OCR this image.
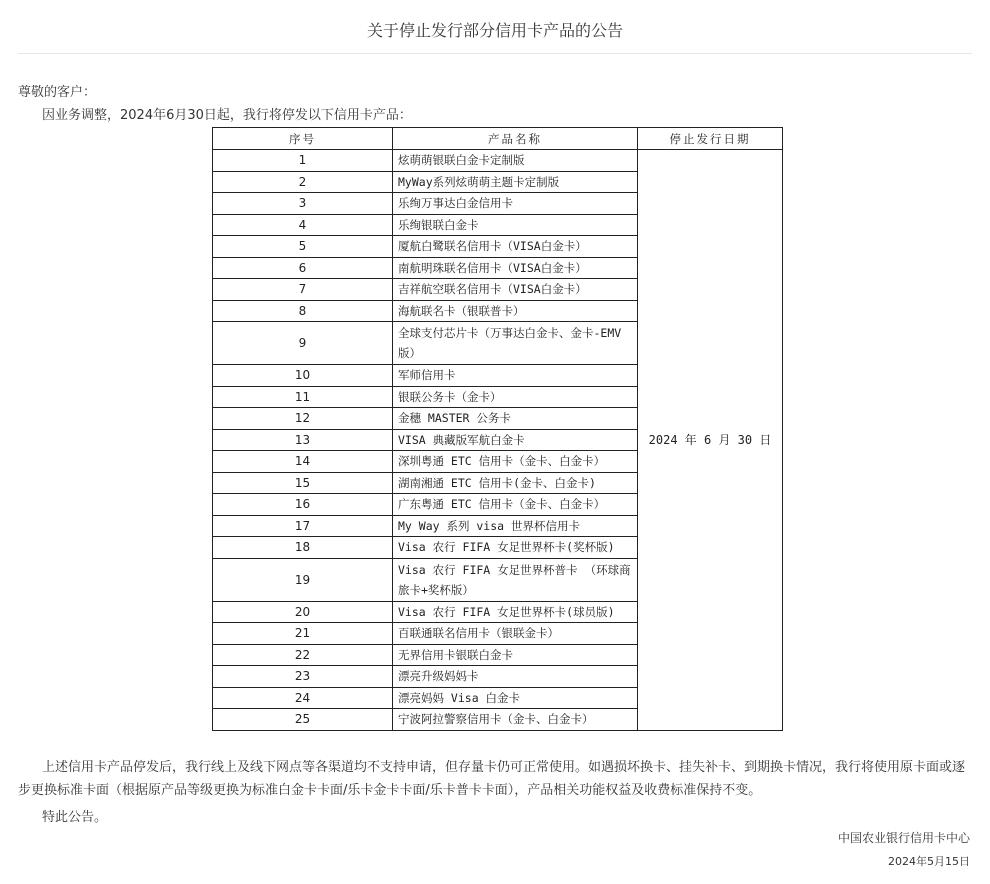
关于停止发行部分信用卡产品的公告
尊敬的客户：
因业务调整，2024年6月30日起，我行将停发以下信用卡产品：
序号	产品名称	停止发行日期
1	炫萌萌银联白金卡定制版	2024 年 6 月 30 日
2	MyWay系列炫萌萌主题卡定制版	
3	乐绚万事达白金信用卡	
4	乐绚银联白金卡	
5	厦航白鹭联名信用卡（VISA白金卡）	
6	南航明珠联名信用卡（VISA白金卡）	
7	吉祥航空联名信用卡（VISA白金卡）	
8	海航联名卡（银联普卡）	
9	全球支付芯片卡（万事达白金卡、金卡-EMV版）	
10	军师信用卡	
11	银联公务卡（金卡）	
12	金穗 MASTER 公务卡	
13	VISA 典藏版军航白金卡	
14	深圳粤通 ETC 信用卡（金卡、白金卡）	
15	湖南湘通 ETC 信用卡(金卡、白金卡)	
16	广东粤通 ETC 信用卡（金卡、白金卡）	
17	My Way 系列 visa 世界杯信用卡	
18	Visa 农行 FIFA 女足世界杯卡(奖杯版)	
19	Visa 农行 FIFA 女足世界杯普卡 （环球商旅卡+奖杯版）	
20	Visa 农行 FIFA 女足世界杯卡(球员版)	
21	百联通联名信用卡（银联金卡）	
22	无界信用卡银联白金卡	
23	漂亮升级妈妈卡	
24	漂亮妈妈 Visa 白金卡	
25	宁波阿拉警察信用卡（金卡、白金卡）	
上述信用卡产品停发后，我行线上及线下网点等各渠道均不支持申请，但存量卡仍可正常使用。如遇损坏换卡、挂失补卡、到期换卡情况，我行将使用原卡面或逐步更换标准卡面（根据原产品等级更换为标准白金卡卡面/乐卡金卡卡面/乐卡普卡卡面），产品相关功能权益及收费标准保持不变。
特此公告。
中国农业银行信用卡中心
2024年5月15日
